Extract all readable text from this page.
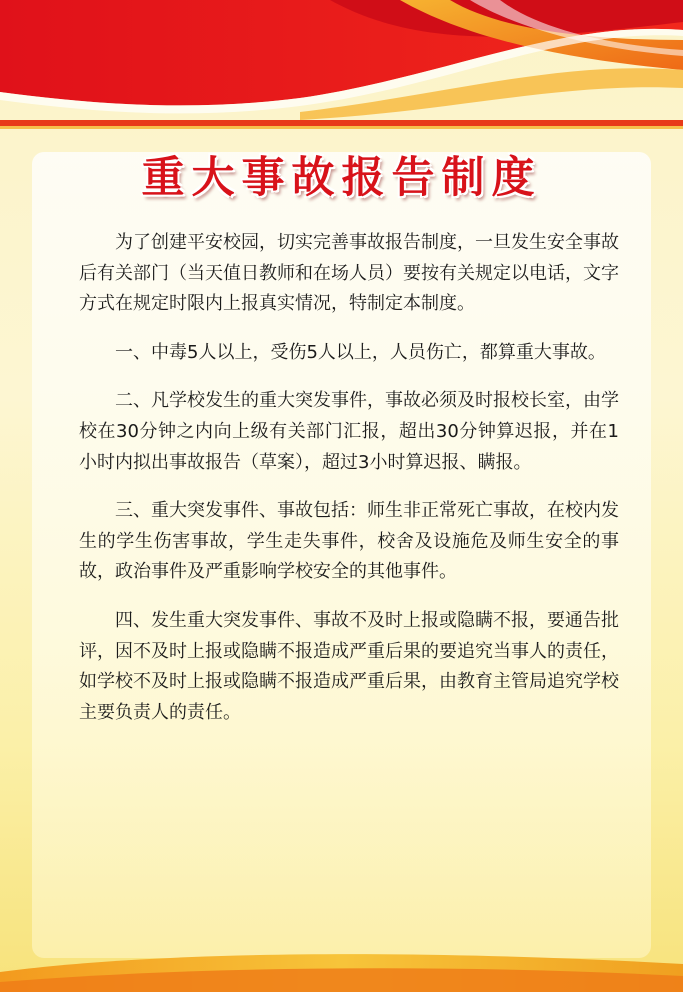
重大事故报告制度

为了创建平安校园，切实完善事故报告制度，一旦发生安全事故后有关部门（当天值日教师和在场人员）要按有关规定以电话，文字方式在规定时限内上报真实情况，特制定本制度。

一、中毒5人以上，受伤5人以上，人员伤亡，都算重大事故。

二、凡学校发生的重大突发事件，事故必须及时报校长室，由学校在30分钟之内向上级有关部门汇报，超出30分钟算迟报，并在1小时内拟出事故报告（草案），超过3小时算迟报、瞒报。

三、重大突发事件、事故包括：师生非正常死亡事故，在校内发生的学生伤害事故，学生走失事件，校舍及设施危及师生安全的事故，政治事件及严重影响学校安全的其他事件。

四、发生重大突发事件、事故不及时上报或隐瞒不报，要通告批评，因不及时上报或隐瞒不报造成严重后果的要追究当事人的责任，如学校不及时上报或隐瞒不报造成严重后果，由教育主管局追究学校主要负责人的责任。
